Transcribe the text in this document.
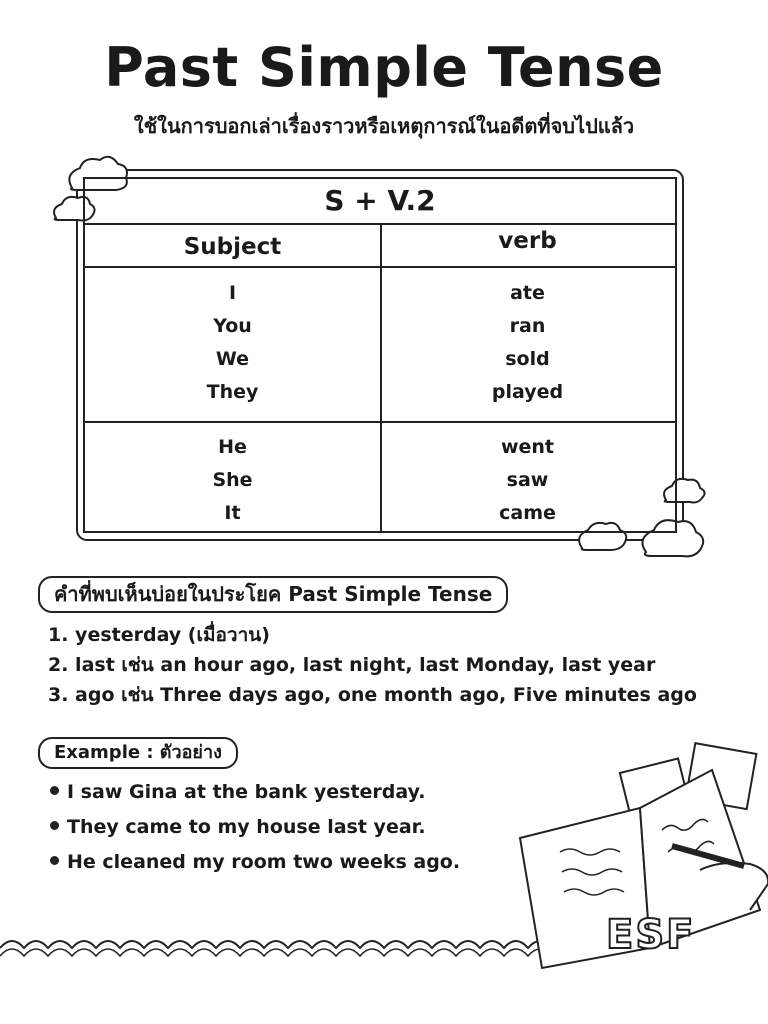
Past Simple Tense
ใช้ในการบอกเล่าเรื่องราวหรือเหตุการณ์ในอดีตที่จบไปแล้ว
S + V.2
Subject	verb
I
You
We
They
ate
ran
sold
played
He
She
It
went
saw
came
คำที่พบเห็นบ่อยในประโยค Past Simple Tense
1. yesterday (เมื่อวาน)
2. last เช่น an hour ago, last night, last Monday, last year
3. ago เช่น Three days ago, one month ago, Five minutes ago
Example : ตัวอย่าง
I saw Gina at the bank yesterday.
They came to my house last year.
He cleaned my room two weeks ago.
ESF
